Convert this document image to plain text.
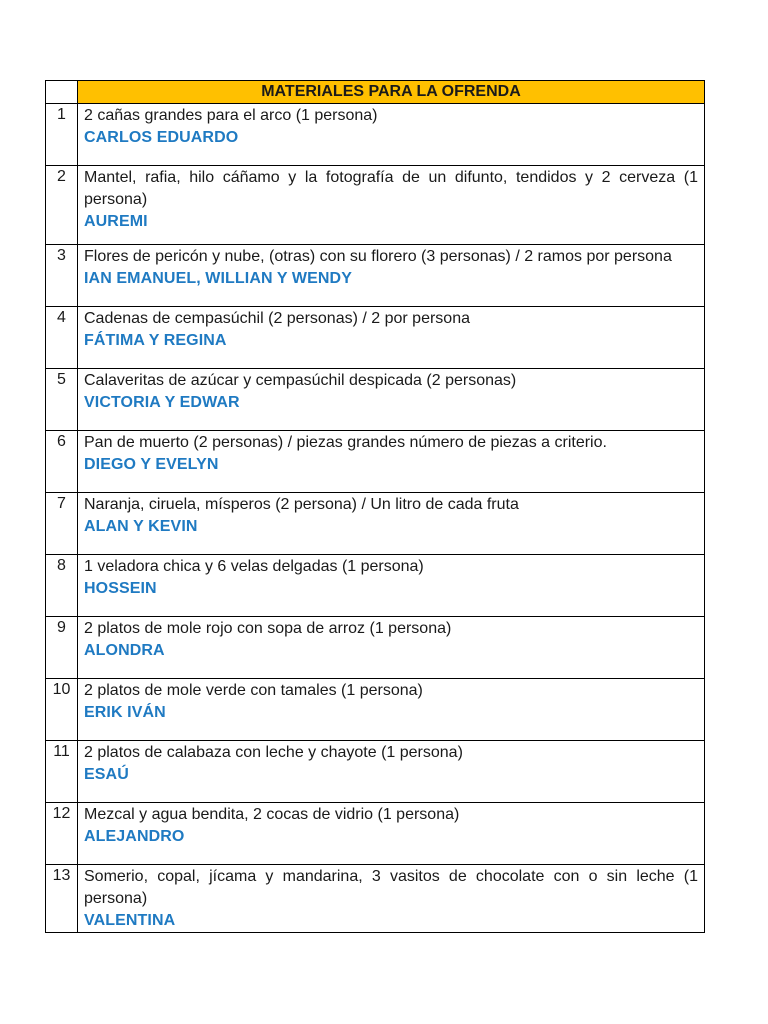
	MATERIALES PARA LA OFRENDA

1	2 cañas grandes para el arco (1 persona)
CARLOS EDUARDO

2	Mantel, rafia, hilo cáñamo y la fotografía de un difunto, tendidos y 2 cerveza (1 persona)
AUREMI

3	Flores de pericón y nube, (otras) con su florero (3 personas) / 2 ramos por persona
IAN EMANUEL, WILLIAN Y WENDY

4	Cadenas de cempasúchil (2 personas) / 2 por persona
FÁTIMA Y REGINA

5	Calaveritas de azúcar y cempasúchil despicada (2 personas)
VICTORIA Y EDWAR

6	Pan de muerto (2 personas) / piezas grandes número de piezas a criterio.
DIEGO Y EVELYN

7	Naranja, ciruela, mísperos (2 persona) / Un litro de cada fruta
ALAN Y KEVIN

8	1 veladora chica y 6 velas delgadas (1 persona)
HOSSEIN

9	2 platos de mole rojo con sopa de arroz (1 persona)
ALONDRA

10	2 platos de mole verde con tamales (1 persona)
ERIK IVÁN

11	2 platos de calabaza con leche y chayote (1 persona)
ESAÚ

12	Mezcal y agua bendita, 2 cocas de vidrio (1 persona)
ALEJANDRO

13	Somerio, copal, jícama y mandarina, 3 vasitos de chocolate con o sin leche (1 persona)
VALENTINA
